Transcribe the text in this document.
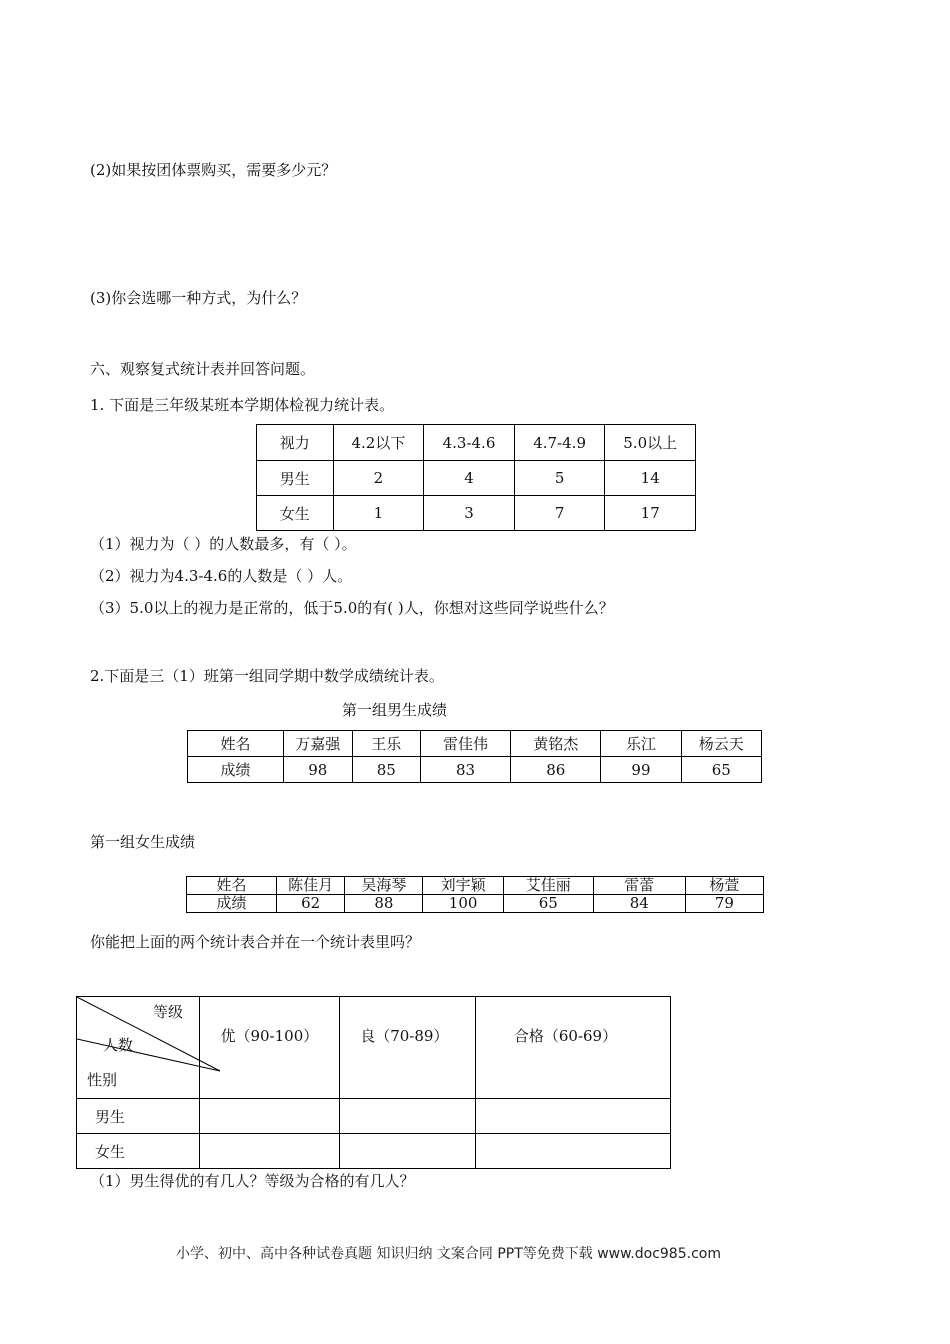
(2)如果按团体票购买，需要多少元？
(3)你会选哪一种方式，为什么？
六、观察复式统计表并回答问题。
1. 下面是三年级某班本学期体检视力统计表。
视力	4.2以下	4.3-4.6	4.7-4.9	5.0以上
男生	2	4	5	14
女生	1	3	7	17
（1）视力为（ ）的人数最多，有（ ）。
（2）视力为4.3-4.6的人数是（ ）人。
（3）5.0以上的视力是正常的，低于5.0的有( )人，你想对这些同学说些什么？
2.下面是三（1）班第一组同学期中数学成绩统计表。
第一组男生成绩
姓名	万嘉强	王乐	雷佳伟	黄铭杰	乐江	杨云天
成绩	98	85	83	86	99	65
第一组女生成绩
姓名	陈佳月	吴海琴	刘宇颖	艾佳丽	雷蕾	杨萱
成绩	62	88	100	65	84	79
你能把上面的两个统计表合并在一个统计表里吗？
等级
人数
性别	优（90-100）	良（70-89）	合格（60-69）
男生			
女生			
（1）男生得优的有几人？等级为合格的有几人？
小学、初中、高中各种试卷真题 知识归纳 文案合同 PPT等免费下载 www.doc985.com
